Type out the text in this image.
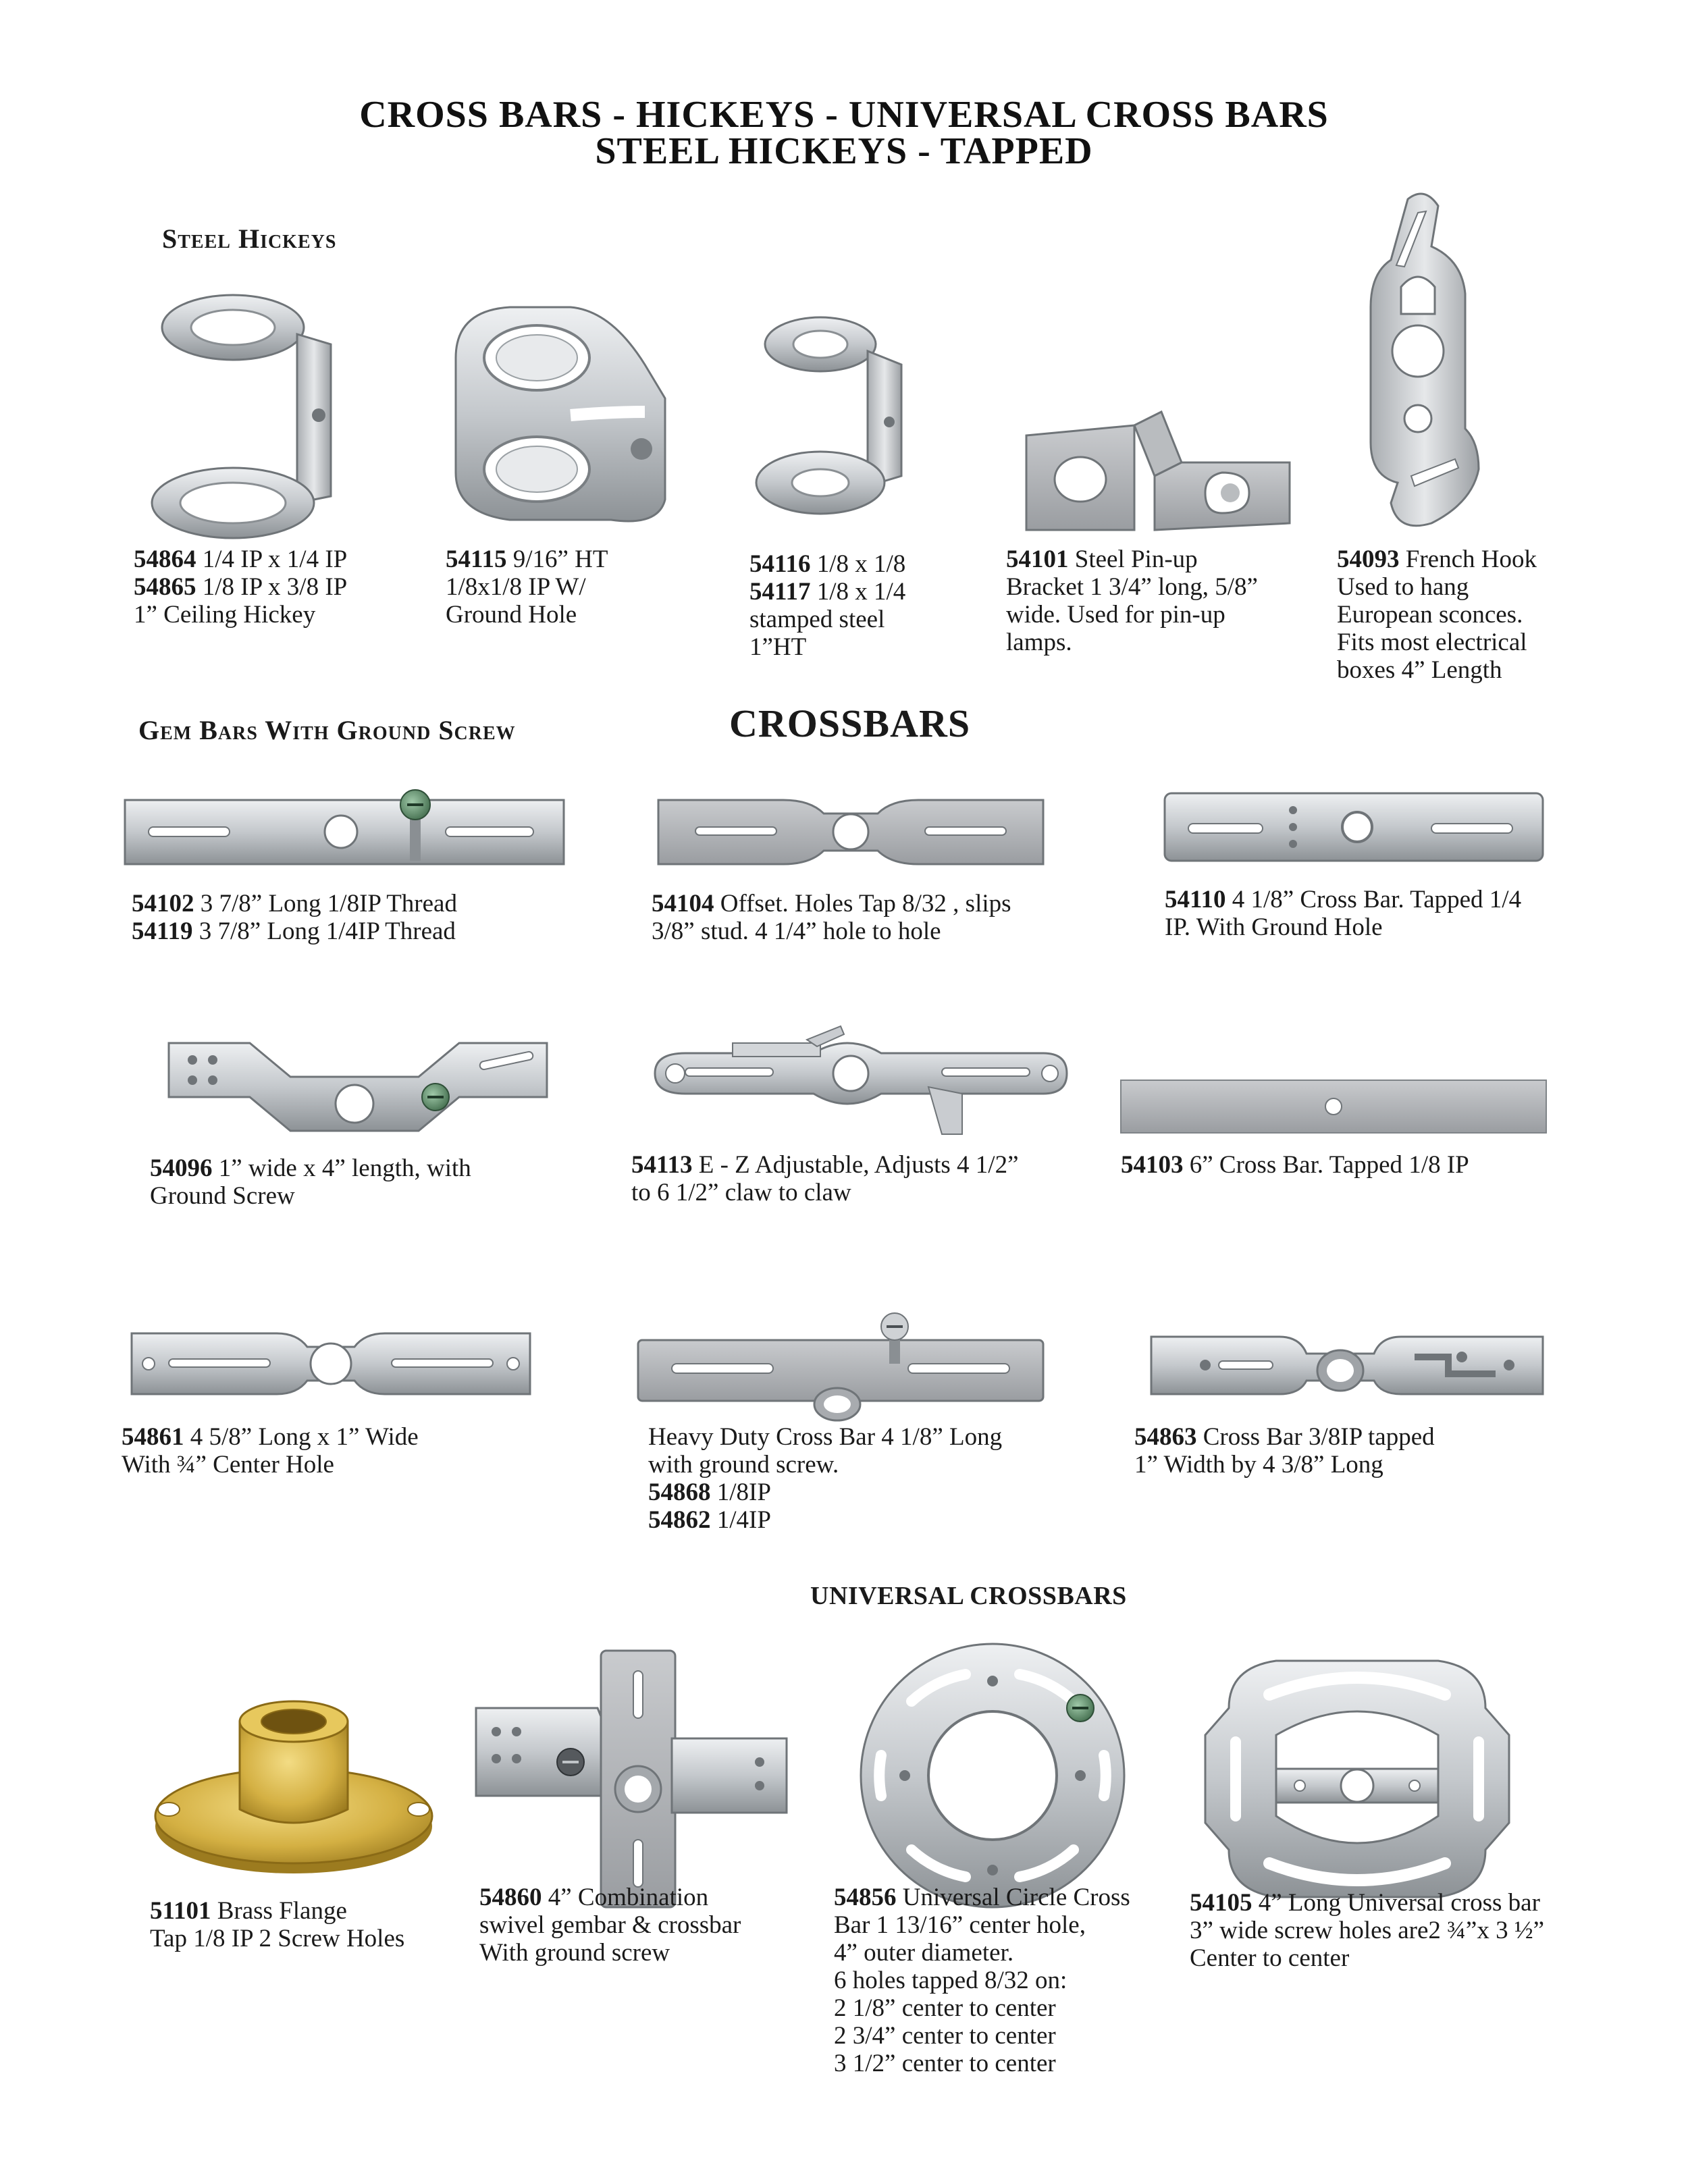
CROSS BARS - HICKEYS - UNIVERSAL CROSS BARS
STEEL HICKEYS - TAPPED
Steel Hickeys
54864 1/4 IP x 1/4 IP
54865 1/8 IP x 3/8 IP
1” Ceiling Hickey
54115 9/16” HT
1/8x1/8 IP W/
Ground Hole
54116 1/8 x 1/8
54117 1/8 x 1/4
stamped steel
1”HT
54101 Steel Pin-up
Bracket 1 3/4” long, 5/8”
wide. Used for pin-up
lamps.
54093 French Hook
Used to hang
European sconces.
Fits most electrical
boxes 4” Length
Gem Bars With Ground Screw	CROSSBARS
54102 3 7/8” Long 1/8IP Thread
54119 3 7/8” Long 1/4IP Thread
54104 Offset. Holes Tap 8/32 , slips
3/8” stud. 4 1/4” hole to hole
54110 4 1/8” Cross Bar. Tapped 1/4
IP. With Ground Hole
54096 1” wide x 4” length, with
Ground Screw
54113 E - Z Adjustable, Adjusts 4 1/2”
to 6 1/2” claw to claw
54103 6” Cross Bar. Tapped 1/8 IP
54861 4 5/8” Long x 1” Wide
With ¾” Center Hole
Heavy Duty Cross Bar 4 1/8” Long
with ground screw.
54868 1/8IP
54862 1/4IP
54863 Cross Bar 3/8IP tapped
1” Width by 4 3/8” Long
UNIVERSAL CROSSBARS
51101 Brass Flange
Tap 1/8 IP 2 Screw Holes
54860 4” Combination
swivel gembar & crossbar
With ground screw
54856 Universal Circle Cross
Bar 1 13/16” center hole,
4” outer diameter.
6 holes tapped 8/32 on:
2 1/8” center to center
2 3/4” center to center
3 1/2” center to center
54105 4” Long Universal cross bar
3” wide screw holes are2 ¾”x 3 ½”
Center to center
